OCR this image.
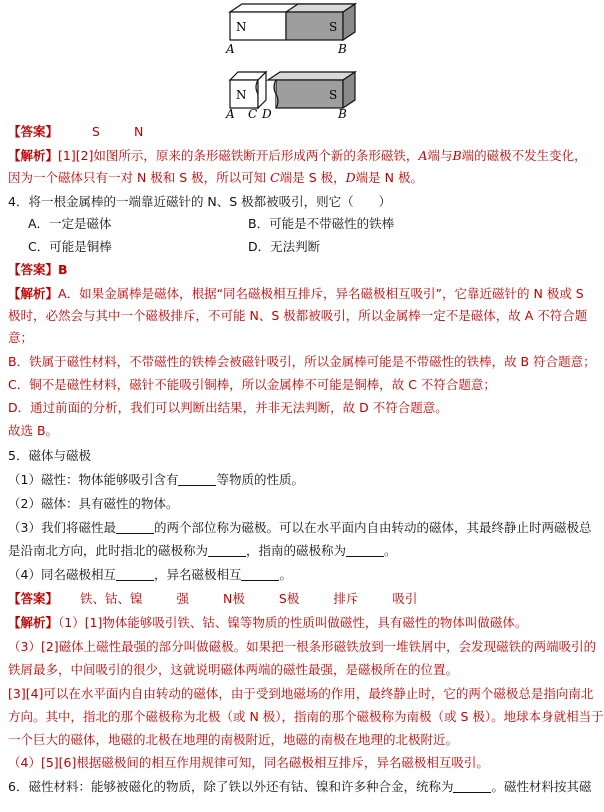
N	S
A	B
N	S
A C D	B
【答案】	S	N
【解析】[1][2]如图所示，原来的条形磁铁断开后形成两个新的条形磁铁，A端与B端的磁极不发生变化，
因为一个磁体只有一对 N 极和 S 极，所以可知 C端是 S 极，D端是 N 极。
4．将一根金属棒的一端靠近磁针的 N、S 极都被吸引，则它（　　）
A．一定是磁体	B．可能是不带磁性的铁棒
C．可能是铜棒	D．无法判断
【答案】B
【解析】A．如果金属棒是磁体，根据“同名磁极相互排斥，异名磁极相互吸引”，它靠近磁针的 N 极或 S
极时，必然会与其中一个磁极排斥，不可能 N、S 极都被吸引，所以金属棒一定不是磁体，故 A 不符合题
意；
B．铁属于磁性材料，不带磁性的铁棒会被磁针吸引，所以金属棒可能是不带磁性的铁棒，故 B 符合题意；
C．铜不是磁性材料，磁针不能吸引铜棒，所以金属棒不可能是铜棒，故 C 不符合题意；
D．通过前面的分析，我们可以判断出结果，并非无法判断，故 D 不符合题意。
故选 B。
5．磁体与磁极
（1）磁性：物体能够吸引含有	等物质的性质。
（2）磁体：具有磁性的物体。
（3）我们将磁性最	的两个部位称为磁极。可以在水平面内自由转动的磁体，其最终静止时两磁极总
是沿南北方向，此时指北的磁极称为	，指南的磁极称为	。
（4）同名磁极相互	，异名磁极相互	。
【答案】 铁、钴、镍	强	N极	S极	排斥	吸引
【解析】（1）[1]物体能够吸引铁、钴、镍等物质的性质叫做磁性，具有磁性的物体叫做磁体。
（3）[2]磁体上磁性最强的部分叫做磁极。如果把一根条形磁铁放到一堆铁屑中，会发现磁铁的两端吸引的
铁屑最多，中间吸引的很少，这就说明磁体两端的磁性最强，是磁极所在的位置。
[3][4]可以在水平面内自由转动的磁体，由于受到地磁场的作用，最终静止时，它的两个磁极总是指向南北
方向。其中，指北的那个磁极称为北极（或 N 极），指南的那个磁极称为南极（或 S 极）。地球本身就相当于
一个巨大的磁体，地磁的北极在地理的南极附近，地磁的南极在地理的北极附近。
（4）[5][6]根据磁极间的相互作用规律可知，同名磁极相互排斥，异名磁极相互吸引。
6．磁性材料：能够被磁化的物质，除了铁以外还有钴、镍和许多种合金，统称为	。磁性材料按其磁
